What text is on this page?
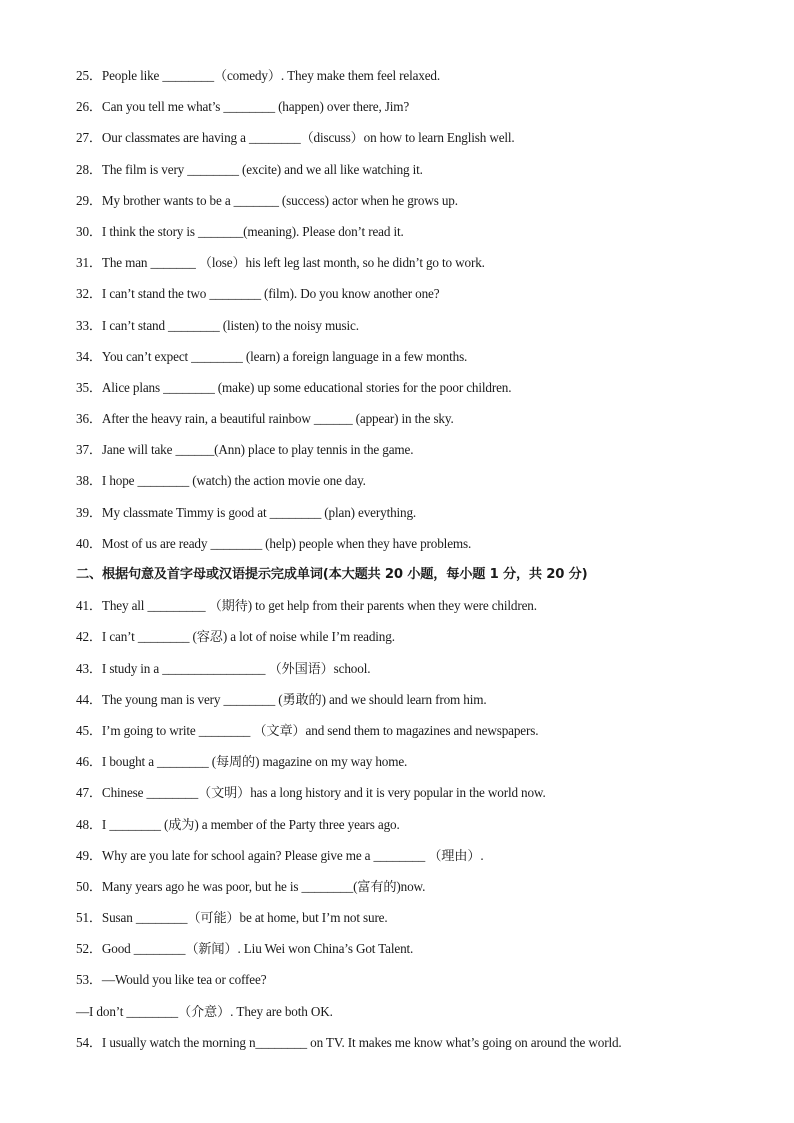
25．People like ________（comedy）. They make them feel relaxed.
26．Can you tell me what’s ________ (happen) over there, Jim?
27．Our classmates are having a ________（discuss）on how to learn English well.
28．The film is very ________ (excite) and we all like watching it.
29．My brother wants to be a _______ (success) actor when he grows up.
30．I think the story is _______(meaning). Please don’t read it.
31．The man _______ （lose）his left leg last month, so he didn’t go to work.
32．I can’t stand the two ________ (film). Do you know another one?
33．I can’t stand ________ (listen) to the noisy music.
34．You can’t expect ________ (learn) a foreign language in a few months.
35．Alice plans ________ (make) up some educational stories for the poor children.
36．After the heavy rain, a beautiful rainbow ______ (appear) in the sky.
37．Jane will take ______(Ann) place to play tennis in the game.
38．I hope ________ (watch) the action movie one day.
39．My classmate Timmy is good at ________ (plan) everything.
40．Most of us are ready ________ (help) people when they have problems.
二、根据句意及首字母或汉语提示完成单词(本大题共 20 小题，每小题 1 分，共 20 分)
41．They all _________ （期待) to get help from their parents when they were children.
42．I can’t ________ (容忍) a lot of noise while I’m reading.
43．I study in a ________________ （外国语）school.
44．The young man is very ________ (勇敢的) and we should learn from him.
45．I’m going to write ________ （文章）and send them to magazines and newspapers.
46．I bought a ________ (每周的) magazine on my way home.
47．Chinese ________（文明）has a long history and it is very popular in the world now.
48．I ________ (成为) a member of the Party three years ago.
49．Why are you late for school again? Please give me a ________ （理由）.
50．Many years ago he was poor, but he is ________(富有的)now.
51．Susan ________（可能）be at home, but I’m not sure.
52．Good ________（新闻）. Liu Wei won China’s Got Talent.
53．—Would you like tea or coffee?
—I don’t ________（介意）. They are both OK.
54．I usually watch the morning n________ on TV. It makes me know what’s going on around the world.
